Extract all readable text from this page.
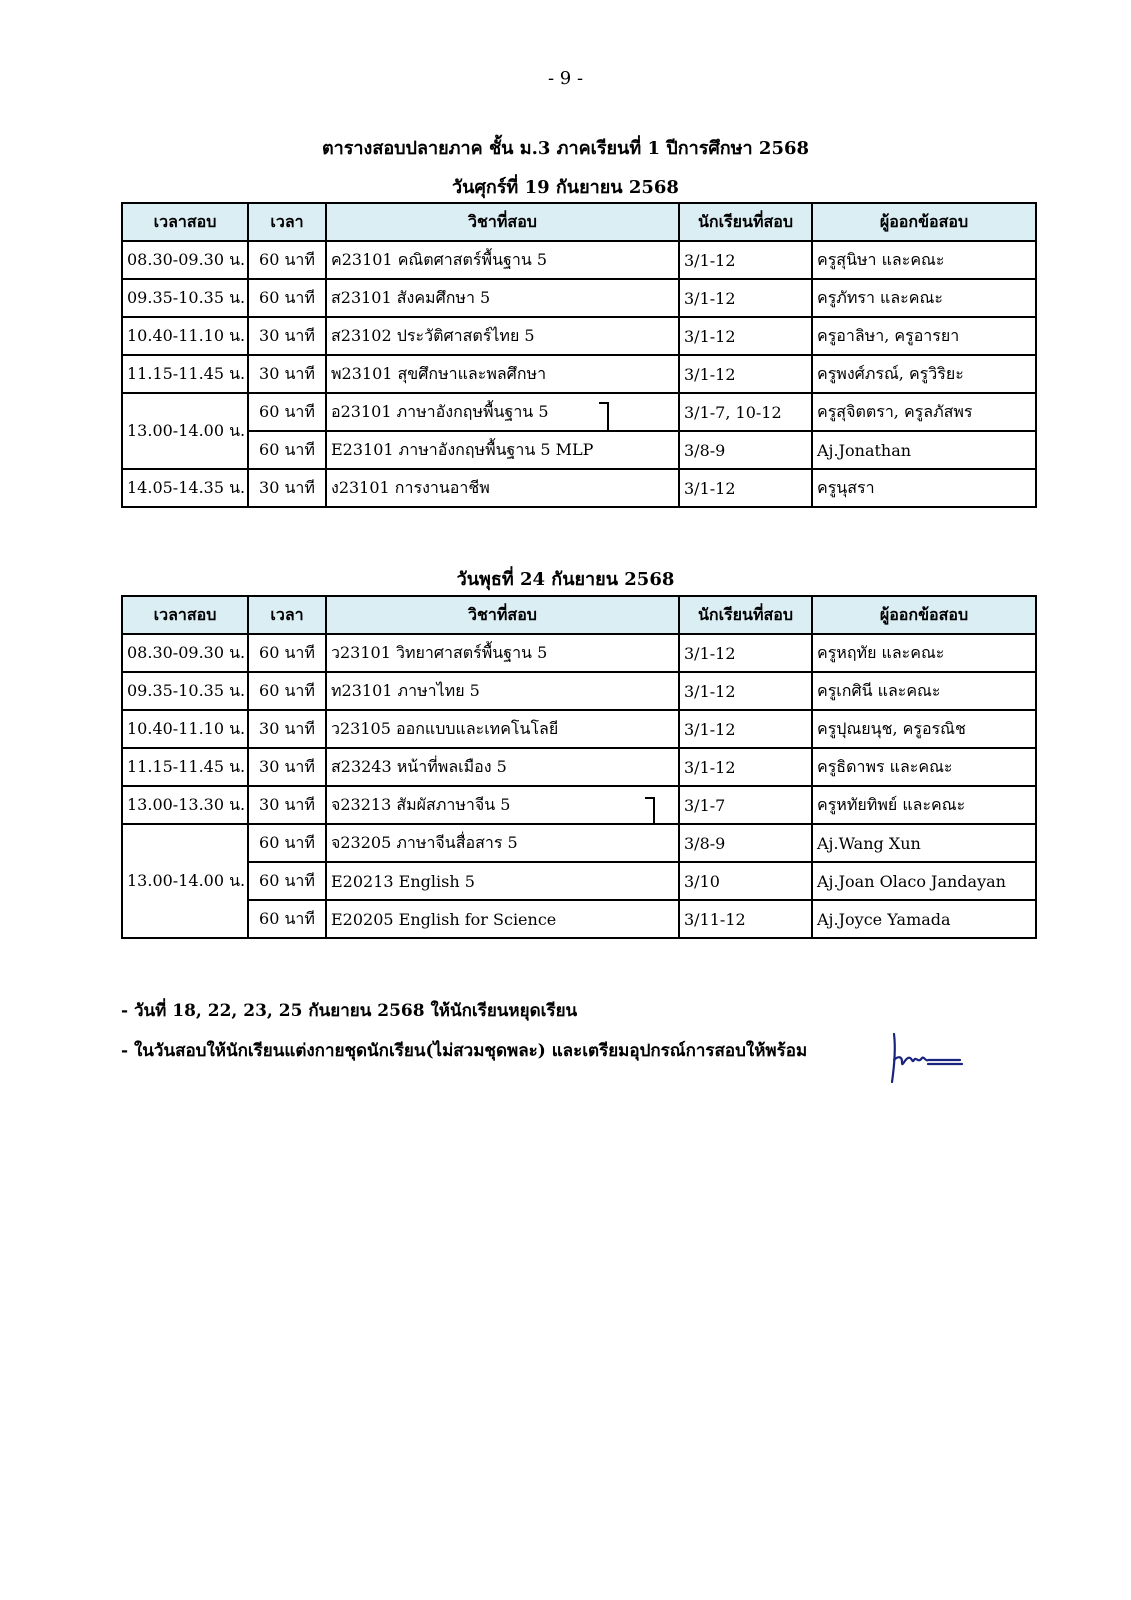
- 9 -
ตารางสอบปลายภาค ชั้น ม.3 ภาคเรียนที่ 1 ปีการศึกษา 2568
วันศุกร์ที่ 19 กันยายน 2568
เวลาสอบ	เวลา	วิชาที่สอบ	นักเรียนที่สอบ	ผู้ออกข้อสอบ
08.30-09.30 น.	60 นาที	ค23101 คณิตศาสตร์พื้นฐาน 5	3/1-12	ครูสุนิษา และคณะ
09.35-10.35 น.	60 นาที	ส23101 สังคมศึกษา 5	3/1-12	ครูภัทรา และคณะ
10.40-11.10 น.	30 นาที	ส23102 ประวัติศาสตร์ไทย 5	3/1-12	ครูอาลิษา, ครูอารยา
11.15-11.45 น.	30 นาที	พ23101 สุขศึกษาและพลศึกษา	3/1-12	ครูพงศ์ภรณ์, ครูวิริยะ
13.00-14.00 น.	60 นาที	อ23101 ภาษาอังกฤษพื้นฐาน 5	3/1-7, 10-12	ครูสุจิตตรา, ครูลภัสพร
	60 นาที	E23101 ภาษาอังกฤษพื้นฐาน 5 MLP	3/8-9	Aj.Jonathan
14.05-14.35 น.	30 นาที	ง23101 การงานอาชีพ	3/1-12	ครูนุสรา
วันพุธที่ 24 กันยายน 2568
เวลาสอบ	เวลา	วิชาที่สอบ	นักเรียนที่สอบ	ผู้ออกข้อสอบ
08.30-09.30 น.	60 นาที	ว23101 วิทยาศาสตร์พื้นฐาน 5	3/1-12	ครูหฤทัย และคณะ
09.35-10.35 น.	60 นาที	ท23101 ภาษาไทย 5	3/1-12	ครูเกศินี และคณะ
10.40-11.10 น.	30 นาที	ว23105 ออกแบบและเทคโนโลยี	3/1-12	ครูปุณยนุช, ครูอรณิช
11.15-11.45 น.	30 นาที	ส23243 หน้าที่พลเมือง 5	3/1-12	ครูธิดาพร และคณะ
13.00-13.30 น.	30 นาที	จ23213 สัมผัสภาษาจีน 5	3/1-7	ครูหทัยทิพย์ และคณะ
13.00-14.00 น.	60 นาที	จ23205 ภาษาจีนสื่อสาร 5	3/8-9	Aj.Wang Xun
	60 นาที	E20213 English 5	3/10	Aj.Joan Olaco Jandayan
	60 นาที	E20205 English for Science	3/11-12	Aj.Joyce Yamada
- วันที่ 18, 22, 23, 25 กันยายน 2568 ให้นักเรียนหยุดเรียน
- ในวันสอบให้นักเรียนแต่งกายชุดนักเรียน(ไม่สวมชุดพละ) และเตรียมอุปกรณ์การสอบให้พร้อม
